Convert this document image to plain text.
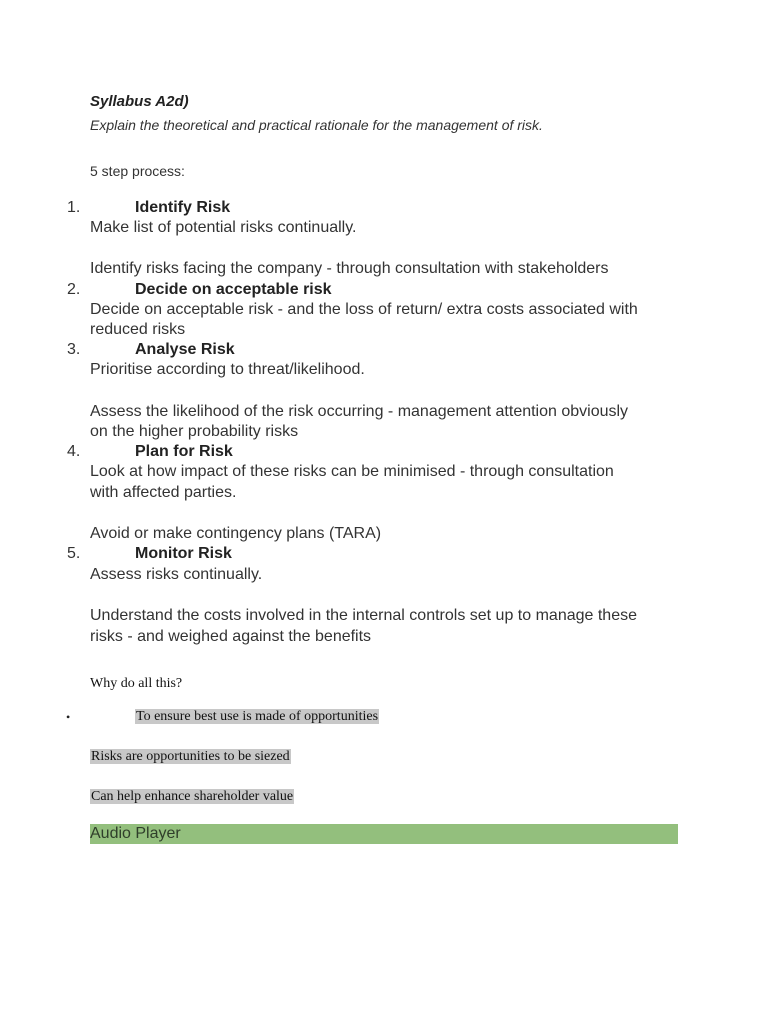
Syllabus A2d)
Explain the theoretical and practical rationale for the management of risk.
5 step process:
1.	Identify Risk
Make list of potential risks continually.
Identify risks facing the company - through consultation with stakeholders
2.	Decide on acceptable risk
Decide on acceptable risk - and the loss of return/ extra costs associated with
reduced risks
3.	Analyse Risk
Prioritise according to threat/likelihood.
Assess the likelihood of the risk occurring - management attention obviously
on the higher probability risks
4.	Plan for Risk
Look at how impact of these risks can be minimised - through consultation
with affected parties.
Avoid or make contingency plans (TARA)
5.	Monitor Risk
Assess risks continually.
Understand the costs involved in the internal controls set up to manage these
risks - and weighed against the benefits
Why do all this?
•	To ensure best use is made of opportunities
Risks are opportunities to be siezed
Can help enhance shareholder value
Audio Player
